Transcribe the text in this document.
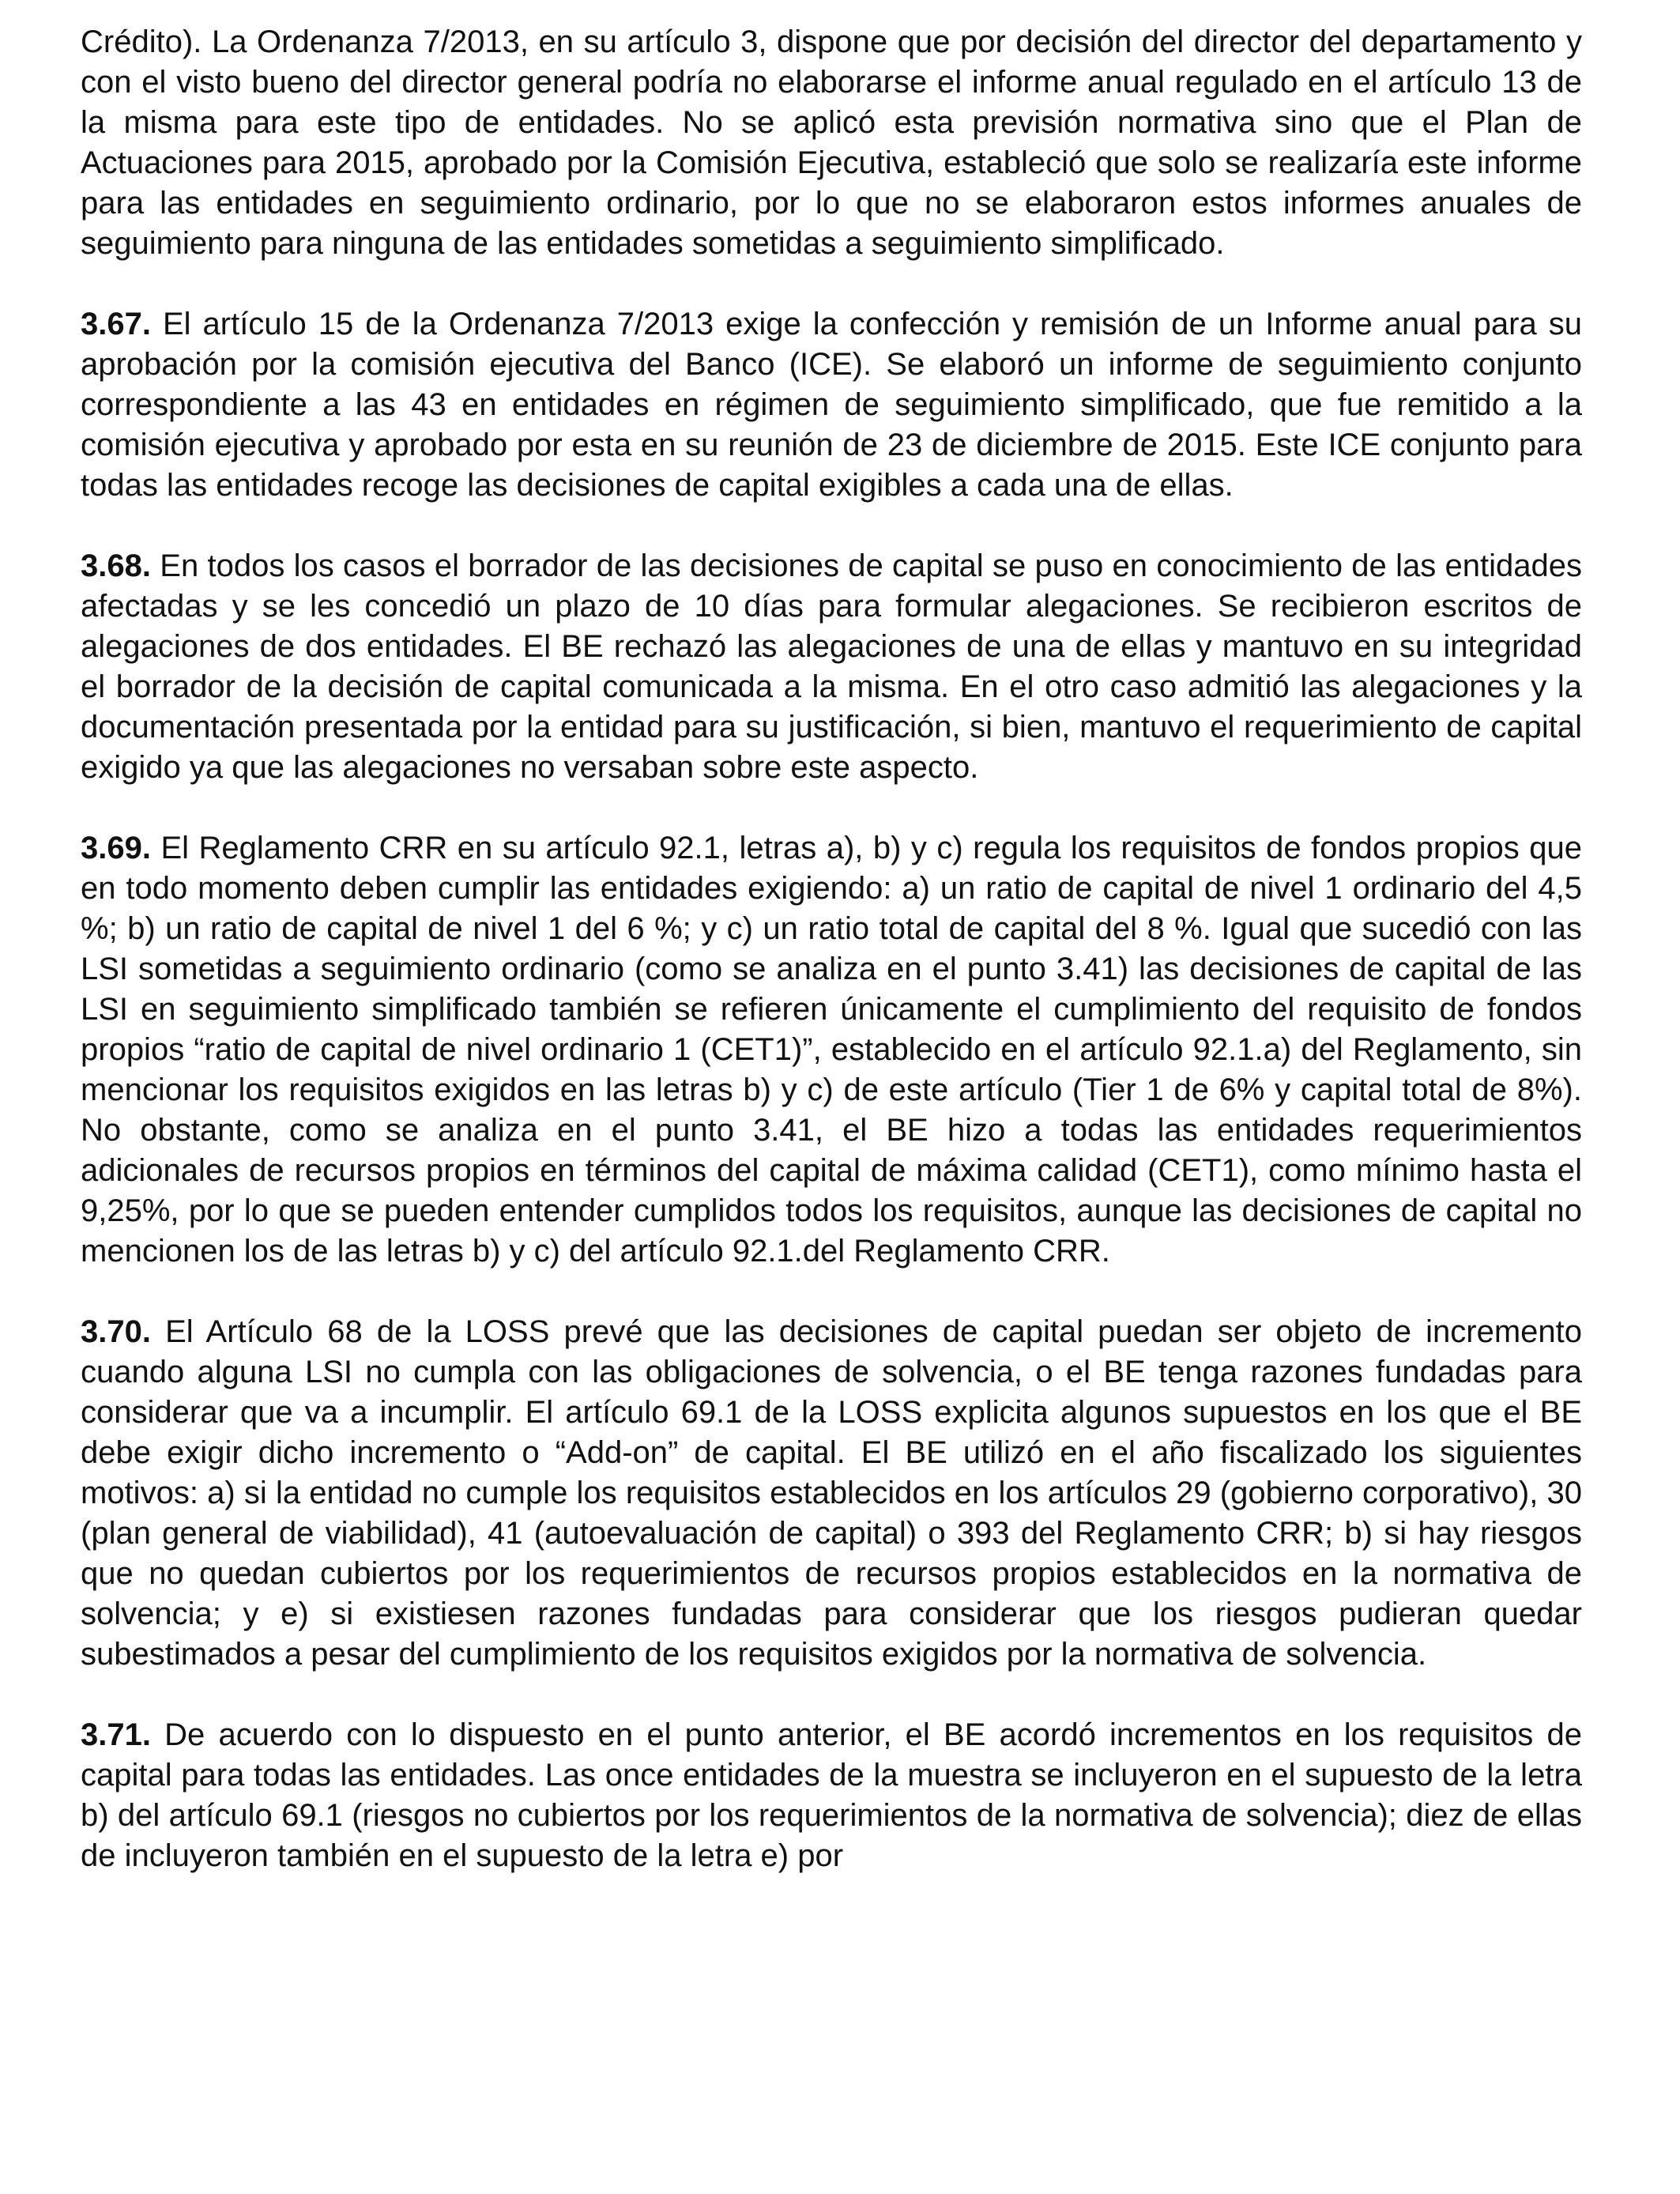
Crédito). La Ordenanza 7/2013, en su artículo 3, dispone que por decisión del director del departamento y con el visto bueno del director general podría no elaborarse el informe anual regulado en el artículo 13 de la misma para este tipo de entidades. No se aplicó esta previsión normativa sino que el Plan de Actuaciones para 2015, aprobado por la Comisión Ejecutiva, estableció que solo se realizaría este informe para las entidades en seguimiento ordinario, por lo que no se elaboraron estos informes anuales de seguimiento para ninguna de las entidades sometidas a seguimiento simplificado.

3.67. El artículo 15 de la Ordenanza 7/2013 exige la confección y remisión de un Informe anual para su aprobación por la comisión ejecutiva del Banco (ICE). Se elaboró un informe de seguimiento conjunto correspondiente a las 43 en entidades en régimen de seguimiento simplificado, que fue remitido a la comisión ejecutiva y aprobado por esta en su reunión de 23 de diciembre de 2015. Este ICE conjunto para todas las entidades recoge las decisiones de capital exigibles a cada una de ellas.

3.68. En todos los casos el borrador de las decisiones de capital se puso en conocimiento de las entidades afectadas y se les concedió un plazo de 10 días para formular alegaciones. Se recibieron escritos de alegaciones de dos entidades. El BE rechazó las alegaciones de una de ellas y mantuvo en su integridad el borrador de la decisión de capital comunicada a la misma. En el otro caso admitió las alegaciones y la documentación presentada por la entidad para su justificación, si bien, mantuvo el requerimiento de capital exigido ya que las alegaciones no versaban sobre este aspecto.

3.69. El Reglamento CRR en su artículo 92.1, letras a), b) y c) regula los requisitos de fondos propios que en todo momento deben cumplir las entidades exigiendo: a) un ratio de capital de nivel 1 ordinario del 4,5 %; b) un ratio de capital de nivel 1 del 6 %; y c) un ratio total de capital del 8 %. Igual que sucedió con las LSI sometidas a seguimiento ordinario (como se analiza en el punto 3.41) las decisiones de capital de las LSI en seguimiento simplificado también se refieren únicamente el cumplimiento del requisito de fondos propios “ratio de capital de nivel ordinario 1 (CET1)”, establecido en el artículo 92.1.a) del Reglamento, sin mencionar los requisitos exigidos en las letras b) y c) de este artículo (Tier 1 de 6% y capital total de 8%). No obstante, como se analiza en el punto 3.41, el BE hizo a todas las entidades requerimientos adicionales de recursos propios en términos del capital de máxima calidad (CET1), como mínimo hasta el 9,25%, por lo que se pueden entender cumplidos todos los requisitos, aunque las decisiones de capital no mencionen los de las letras b) y c) del artículo 92.1.del Reglamento CRR.

3.70. El Artículo 68 de la LOSS prevé que las decisiones de capital puedan ser objeto de incremento cuando alguna LSI no cumpla con las obligaciones de solvencia, o el BE tenga razones fundadas para considerar que va a incumplir. El artículo 69.1 de la LOSS explicita algunos supuestos en los que el BE debe exigir dicho incremento o “Add-on” de capital. El BE utilizó en el año fiscalizado los siguientes motivos: a) si la entidad no cumple los requisitos establecidos en los artículos 29 (gobierno corporativo), 30 (plan general de viabilidad), 41 (autoevaluación de capital) o 393 del Reglamento CRR; b) si hay riesgos que no quedan cubiertos por los requerimientos de recursos propios establecidos en la normativa de solvencia; y e) si existiesen razones fundadas para considerar que los riesgos pudieran quedar subestimados a pesar del cumplimiento de los requisitos exigidos por la normativa de solvencia.

3.71. De acuerdo con lo dispuesto en el punto anterior, el BE acordó incrementos en los requisitos de capital para todas las entidades. Las once entidades de la muestra se incluyeron en el supuesto de la letra b) del artículo 69.1 (riesgos no cubiertos por los requerimientos de la normativa de solvencia); diez de ellas de incluyeron también en el supuesto de la letra e) por
